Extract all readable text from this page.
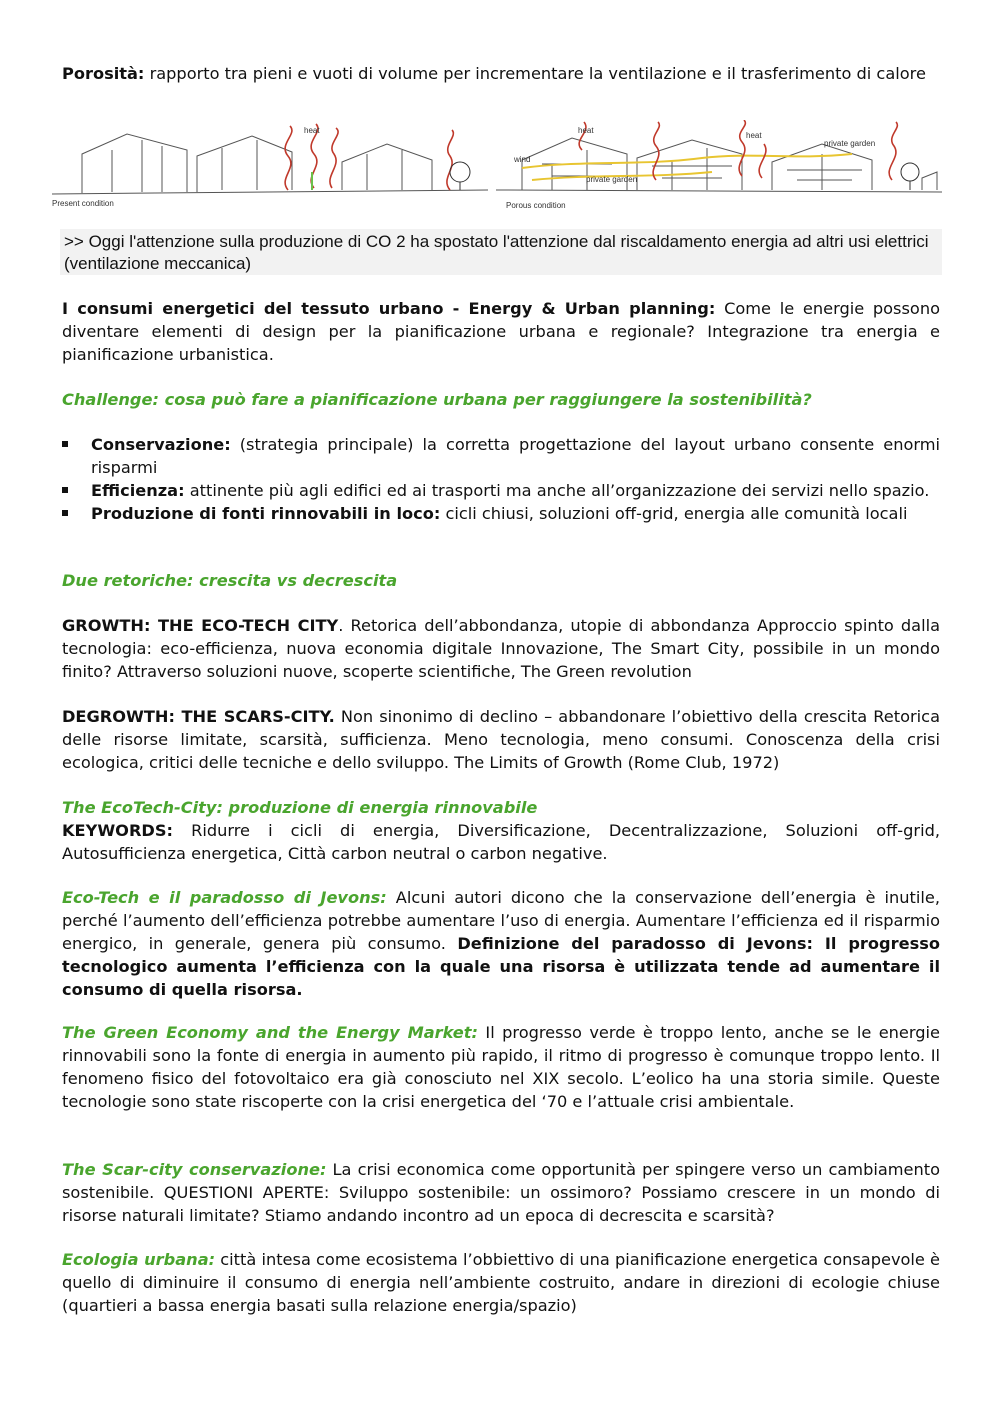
Porosità: rapporto tra pieni e vuoti di volume per incrementare la ventilazione e il trasferimento di calore

heat
Present condition
heat
heat
wind
private garden
private garden
Porous condition
>> Oggi l'attenzione sulla produzione di CO 2 ha spostato l'attenzione dal riscaldamento energia ad altri usi elettrici (ventilazione meccanica)

I consumi energetici del tessuto urbano - Energy & Urban planning: Come le energie possono diventare elementi di design per la pianificazione urbana e regionale? Integrazione tra energia e pianificazione urbanistica.

Challenge: cosa può fare a pianificazione urbana per raggiungere la sostenibilità?

Conservazione: (strategia principale) la corretta progettazione del layout urbano consente enormi risparmi
Efficienza: attinente più agli edifici ed ai trasporti ma anche all’organizzazione dei servizi nello spazio.
Produzione di fonti rinnovabili in loco: cicli chiusi, soluzioni off-grid, energia alle comunità locali

Due retoriche: crescita vs decrescita

GROWTH: THE ECO-TECH CITY. Retorica dell’abbondanza, utopie di abbondanza Approccio spinto dalla tecnologia: eco-efficienza, nuova economia digitale Innovazione, The Smart City, possibile in un mondo finito? Attraverso soluzioni nuove, scoperte scientifiche, The Green revolution

DEGROWTH: THE SCARS-CITY. Non sinonimo di declino – abbandonare l’obiettivo della crescita Retorica delle risorse limitate, scarsità, sufficienza. Meno tecnologia, meno consumi. Conoscenza della crisi ecologica, critici delle tecniche e dello sviluppo. The Limits of Growth (Rome Club, 1972)

The EcoTech-City: produzione di energia rinnovabile

KEYWORDS: Ridurre i cicli di energia, Diversificazione, Decentralizzazione, Soluzioni off-grid, Autosufficienza energetica, Città carbon neutral o carbon negative.

Eco-Tech e il paradosso di Jevons: Alcuni autori dicono che la conservazione dell’energia è inutile, perché l’aumento dell’efficienza potrebbe aumentare l’uso di energia. Aumentare l’efficienza ed il risparmio energico, in generale, genera più consumo. Definizione del paradosso di Jevons: Il progresso tecnologico aumenta l’efficienza con la quale una risorsa è utilizzata tende ad aumentare il consumo di quella risorsa.

The Green Economy and the Energy Market: Il progresso verde è troppo lento, anche se le energie rinnovabili sono la fonte di energia in aumento più rapido, il ritmo di progresso è comunque troppo lento. Il fenomeno fisico del fotovoltaico era già conosciuto nel XIX secolo. L’eolico ha una storia simile. Queste tecnologie sono state riscoperte con la crisi energetica del ‘70 e l’attuale crisi ambientale.

The Scar-city conservazione: La crisi economica come opportunità per spingere verso un cambiamento sostenibile. QUESTIONI APERTE: Sviluppo sostenibile: un ossimoro? Possiamo crescere in un mondo di risorse naturali limitate? Stiamo andando incontro ad un epoca di decrescita e scarsità?

Ecologia urbana: città intesa come ecosistema l’obbiettivo di una pianificazione energetica consapevole è quello di diminuire il consumo di energia nell’ambiente costruito, andare in direzioni di ecologie chiuse (quartieri a bassa energia basati sulla relazione energia/spazio)
